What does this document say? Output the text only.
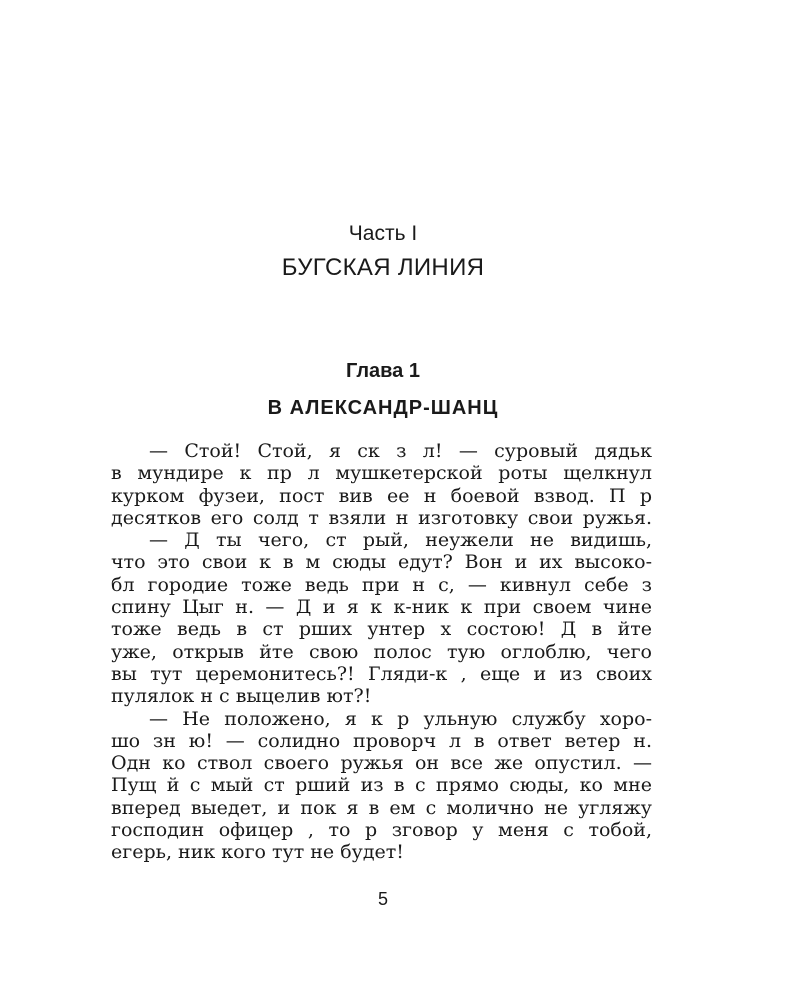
Часть I
БУГСКАЯ ЛИНИЯ
Глава 1
В АЛЕКСАНДР-ШАНЦ
— Стой! Стой, я ск з л! — суровый дядьк
в мундире к пр л мушкетерской роты щелкнул
курком фузеи, пост вив ее н боевой взвод. П р
десятков его солд т взяли н изготовку свои ружья.
— Д ты чего, ст рый, неужели не видишь,
что это свои к в м сюды едут? Вон и их высоко-
бл городие тоже ведь при н с, — кивнул себе з
спину Цыг н. — Д и я к к-ник к при своем чине
тоже ведь в ст рших унтер х состою! Д в йте
уже, открыв йте свою полос тую оглоблю, чего
вы тут церемонитесь?! Гляди-к , еще и из своих
пулялок н с выцелив ют?!
— Не положено, я к р ульную службу хоро-
шо зн ю! — солидно проворч л в ответ ветер н.
Одн ко ствол своего ружья он все же опустил. —
Пущ й с мый ст рший из в с прямо сюды, ко мне
вперед выедет, и пок я в ем с молично не угляжу
господин офицер , то р зговор у меня с тобой,
егерь, ник кого тут не будет!
5
